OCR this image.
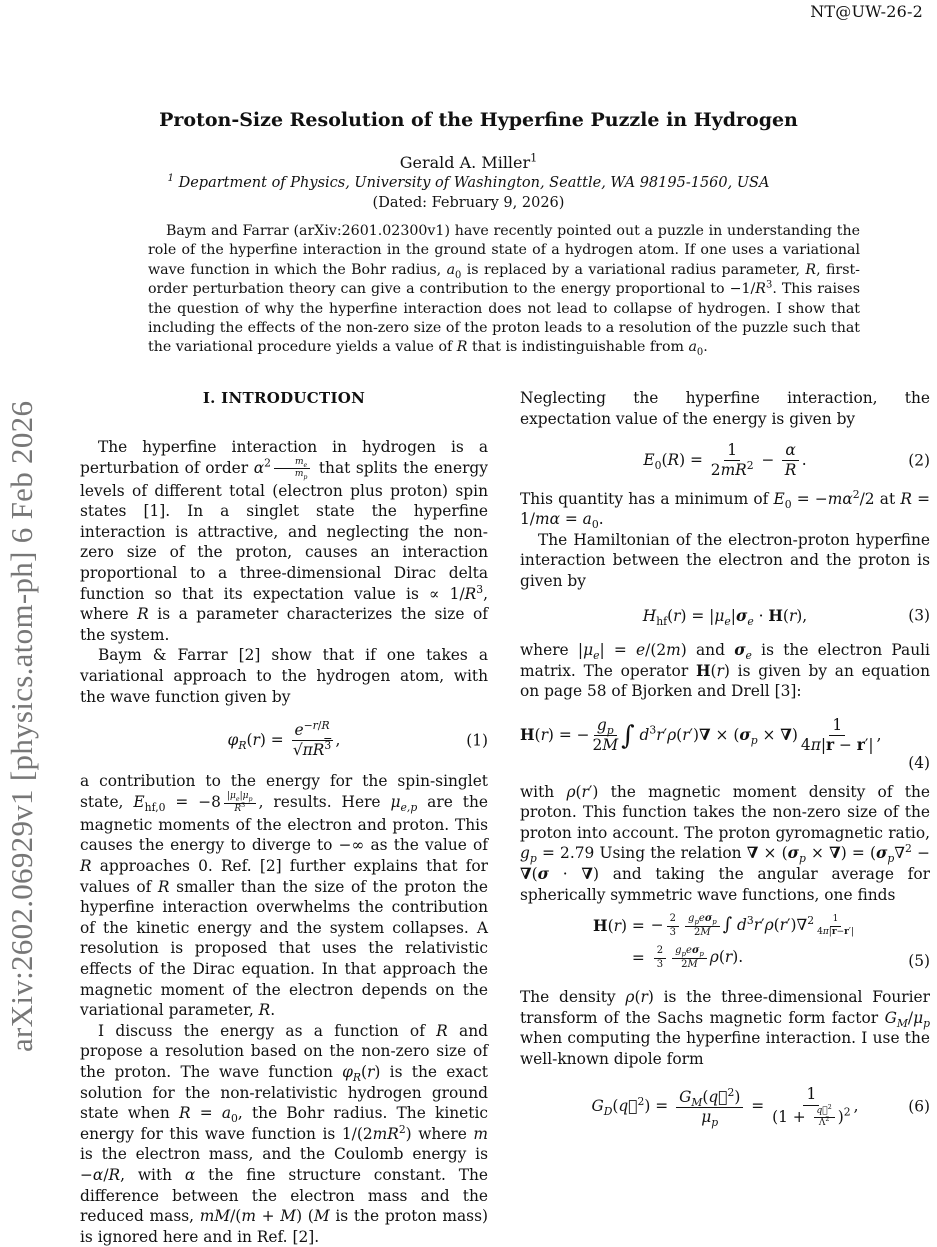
NT@UW-26-2
arXiv:2602.06929v1 [physics.atom-ph] 6 Feb 2026
Proton-Size Resolution of the Hyperfine Puzzle in Hydrogen
Gerald A. Miller$^1$
$^1$ Department of Physics, University of Washington, Seattle, WA 98195-1560, USA
(Dated: February 9, 2026)
Baym and Farrar (arXiv:2601.02300v1) have recently pointed out a puzzle in understanding the role of the hyperfine interaction in the ground state of a hydrogen atom. If one uses a variational wave function in which the Bohr radius, $a_0$ is replaced by a variational radius parameter, R, first-order perturbation theory can give a contribution to the energy proportional to $-1/R^3$. This raises the question of why the hyperfine interaction does not lead to collapse of hydrogen. I show that including the effects of the non-zero size of the proton leads to a resolution of the puzzle such that the variational procedure yields a value of R that is indistinguishable from $a_0$.
I. INTRODUCTION

The hyperfine interaction in hydrogen is a perturbation of order $\alpha^2 \frac{m_e}{m_p}$ that splits the energy levels of different total (electron plus proton) spin states [1]. In a singlet state the hyperfine interaction is attractive, and neglecting the non-zero size of the proton, causes an interaction proportional to a three-dimensional Dirac delta function so that its expectation value is ∝ $1/R^3$, where R is a parameter characterizes the size of the system.

Baym & Farrar [2] show that if one takes a variational approach to the hydrogen atom, with the wave function given by

$\varphi_R(r) = \frac{e^{-r/R}}{√\pi R^3}$ ,	(1)

a contribution to the energy for the spin-singlet state, $E_{hf,0} = -8 \frac{|\mu_e|\mu_p}{R^3}$ , results. Here $\mu_{e,p}$ are the magnetic moments of the electron and proton. This causes the energy to diverge to −∞ as the value of R approaches 0. Ref. [2] further explains that for values of R smaller than the size of the proton the hyperfine interaction overwhelms the contribution of the kinetic energy and the system collapses. A resolution is proposed that uses the relativistic effects of the Dirac equation. In that approach the magnetic moment of the electron depends on the variational parameter, R.

I discuss the energy as a function of R and propose a resolution based on the non-zero size of the proton. The wave function $\varphi_R(r)$ is the exact solution for the non-relativistic hydrogen ground state when $R = a_0$, the Bohr radius. The kinetic energy for this wave function is $1/(2mR^2)$ where m is the electron mass, and the Coulomb energy is −α/R, with α the fine structure constant. The difference between the electron mass and the reduced mass, mM/(m + M) (M is the proton mass) is ignored here and in Ref. [2].

Neglecting the hyperfine interaction, the expectation value of the energy is given by

$E_0(R) = \frac{1}{2mR^2} - \frac{\alpha}{R}$ .	(2)

This quantity has a minimum of $E_0 = -m\alpha^2/2$ at $R = 1/m\alpha = a_0$.

The Hamiltonian of the electron-proton hyperfine interaction between the electron and the proton is given by

$H_{hf}(r) = |\mu_e|\sigma_e \cdot H(r)$,	(3)

where $|\mu_e| = e/(2m)$ and $\sigma_e$ is the electron Pauli matrix. The operator H(r) is given by an equation on page 58 of Bjorken and Drell [3]:

H(r) = − $\frac{g_p}{2M}$ ∫ $d^3r'\rho(r')\nabla \times (\sigma_p$ × ∇) $\frac{1}{4\pi|r - r'|}$ ,
(4)

with ρ(r′) the magnetic moment density of the proton. This function takes the non-zero size of the proton into account. The proton gyromagnetic ratio, $g_p = 2.79$ Using the relation ∇ × ($\sigma_p$ × ∇) = ($\sigma_p\nabla^2 - \nabla(\sigma$ · ∇) and taking the angular average for spherically symmetric wave functions, one finds

H(r) = − $\frac{2}{3} \frac{g_pe\sigma_p}{2M}$ ∫ $d^3r'\rho(r')\nabla^2 \frac{1}{4\pi|r-r'|}$
= $\frac{2}{3} \frac{g_pe\sigma_p}{2M} \rho(r)$.	(5)

The density ρ(r) is the three-dimensional Fourier transform of the Sachs magnetic form factor $G_M/\mu_p$ when computing the hyperfine interaction. I use the well-known dipole form

$G_D(q⃗^2) = \frac{G_M(q⃗^2)}{\mu_p} = \frac{1}{(1 + \frac{q⃗^2}{\Lambda^2} )^2}$ ,	(6)
